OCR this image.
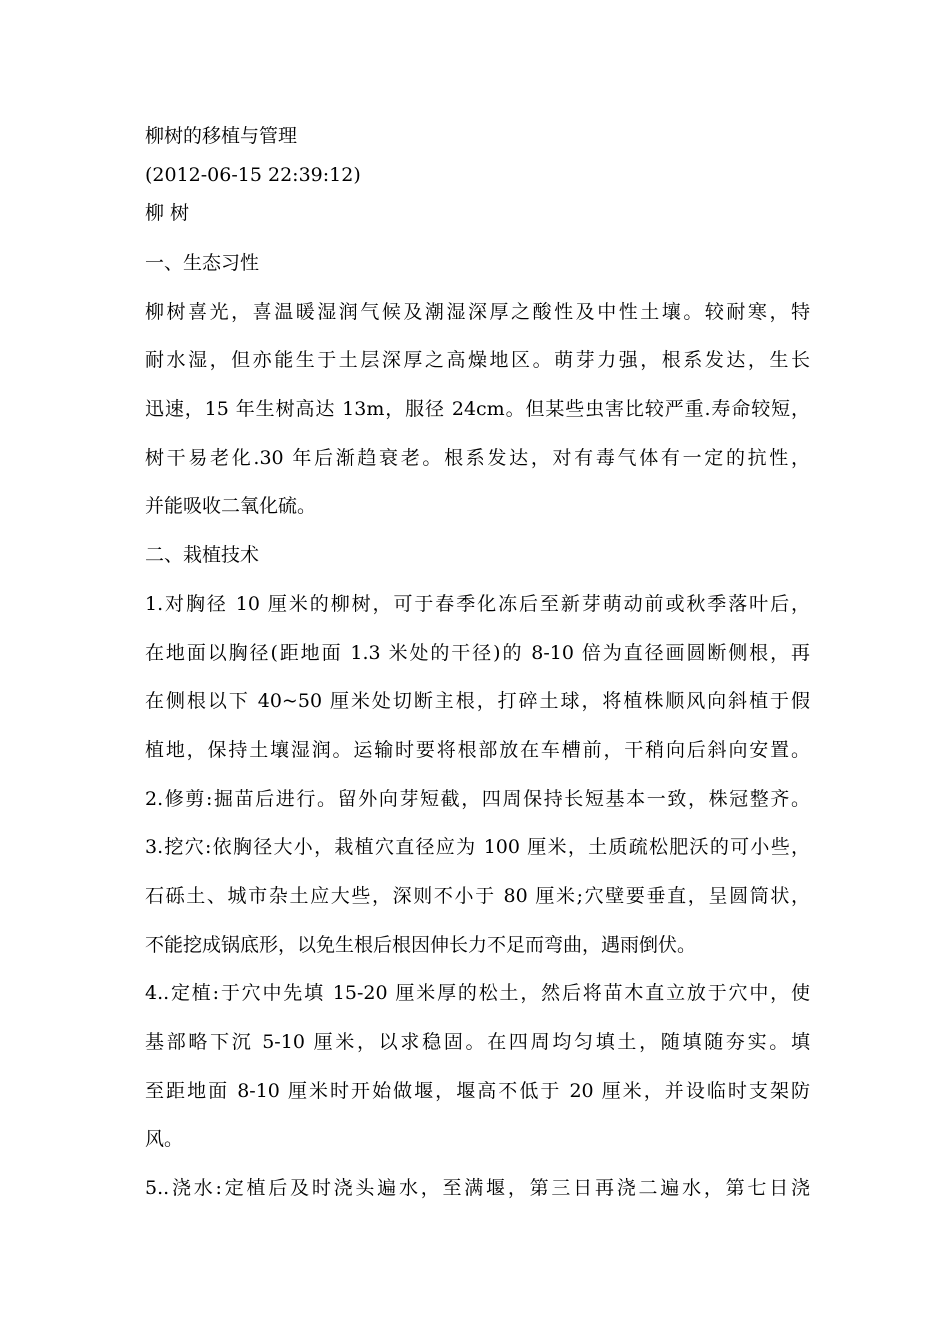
柳树的移植与管理
(2012-06-15 22:39:12)
柳 树
一、生态习性
柳树喜光，喜温暖湿润气候及潮湿深厚之酸性及中性土壤。较耐寒，特
耐水湿，但亦能生于土层深厚之高燥地区。萌芽力强，根系发达，生长
迅速，15 年生树高达 13m，服径 24cm。但某些虫害比较严重.寿命较短，
树干易老化.30 年后渐趋衰老。根系发达，对有毒气体有一定的抗性，
并能吸收二氧化硫。
二、栽植技术
1.对胸径 10 厘米的柳树，可于春季化冻后至新芽萌动前或秋季落叶后，
在地面以胸径(距地面 1.3 米处的干径)的 8-10 倍为直径画圆断侧根，再
在侧根以下 40~50 厘米处切断主根，打碎土球，将植株顺风向斜植于假
植地，保持土壤湿润。运输时要将根部放在车槽前，干稍向后斜向安置。
2.修剪:掘苗后进行。留外向芽短截，四周保持长短基本一致，株冠整齐。
3.挖穴:依胸径大小，栽植穴直径应为 100 厘米，土质疏松肥沃的可小些，
石砾土、城市杂土应大些，深则不小于 80 厘米;穴壁要垂直，呈圆筒状，
不能挖成锅底形，以免生根后根因伸长力不足而弯曲，遇雨倒伏。
4..定植:于穴中先填 15-20 厘米厚的松土，然后将苗木直立放于穴中，使
基部略下沉 5-10 厘米，以求稳固。在四周均匀填土，随填随夯实。填
至距地面 8-10 厘米时开始做堰，堰高不低于 20 厘米，并设临时支架防
风。
5..浇水:定植后及时浇头遍水，至满堰，第三日再浇二遍水，第七日浇
